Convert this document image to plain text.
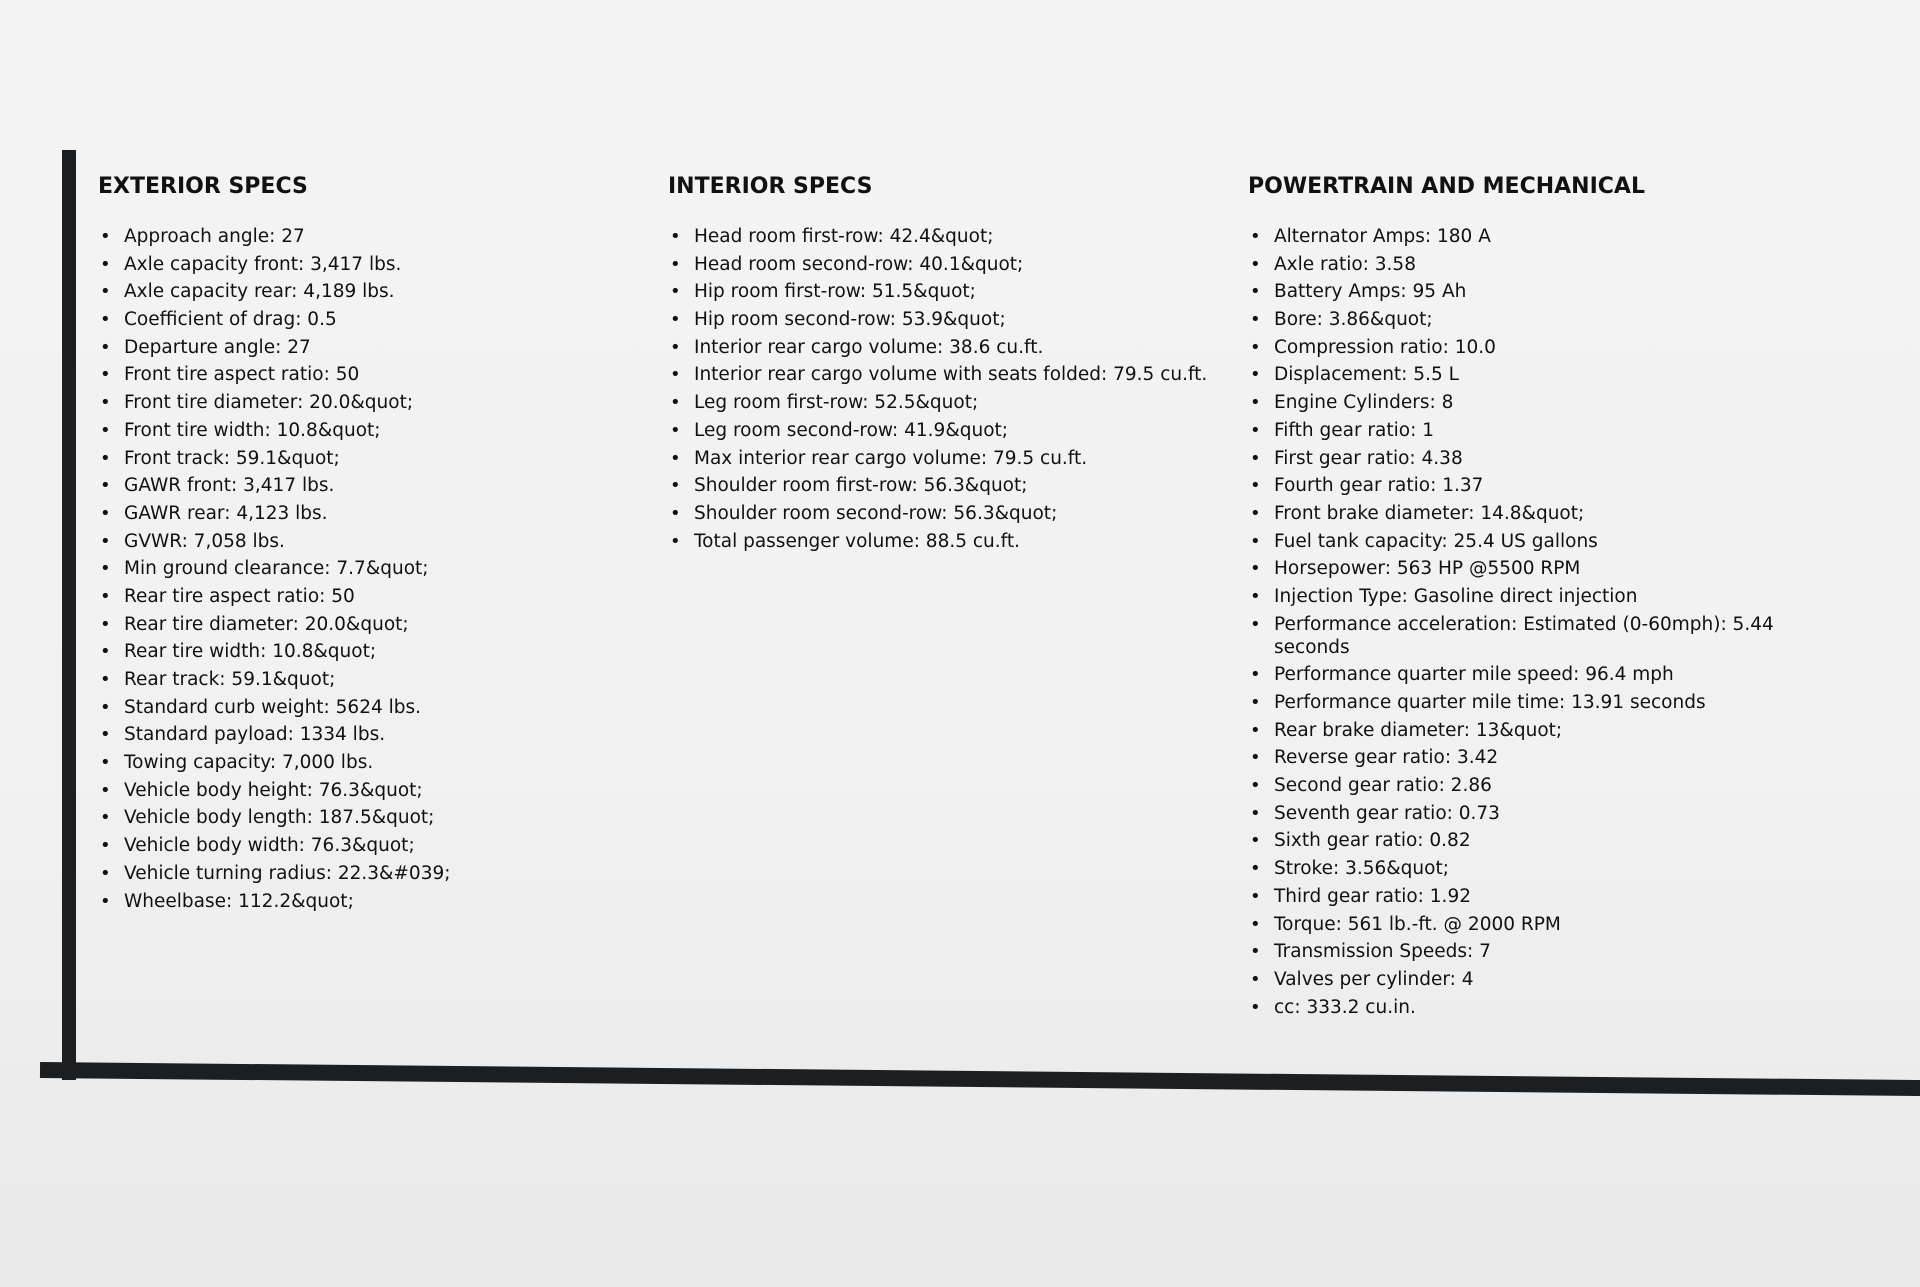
EXTERIOR SPECS
• Approach angle: 27
• Axle capacity front: 3,417 lbs.
• Axle capacity rear: 4,189 lbs.
• Coefficient of drag: 0.5
• Departure angle: 27
• Front tire aspect ratio: 50
• Front tire diameter: 20.0&quot;
• Front tire width: 10.8&quot;
• Front track: 59.1&quot;
• GAWR front: 3,417 lbs.
• GAWR rear: 4,123 lbs.
• GVWR: 7,058 lbs.
• Min ground clearance: 7.7&quot;
• Rear tire aspect ratio: 50
• Rear tire diameter: 20.0&quot;
• Rear tire width: 10.8&quot;
• Rear track: 59.1&quot;
• Standard curb weight: 5624 lbs.
• Standard payload: 1334 lbs.
• Towing capacity: 7,000 lbs.
• Vehicle body height: 76.3&quot;
• Vehicle body length: 187.5&quot;
• Vehicle body width: 76.3&quot;
• Vehicle turning radius: 22.3&#039;
• Wheelbase: 112.2&quot;
INTERIOR SPECS
• Head room first-row: 42.4&quot;
• Head room second-row: 40.1&quot;
• Hip room first-row: 51.5&quot;
• Hip room second-row: 53.9&quot;
• Interior rear cargo volume: 38.6 cu.ft.
• Interior rear cargo volume with seats folded: 79.5 cu.ft.
• Leg room first-row: 52.5&quot;
• Leg room second-row: 41.9&quot;
• Max interior rear cargo volume: 79.5 cu.ft.
• Shoulder room first-row: 56.3&quot;
• Shoulder room second-row: 56.3&quot;
• Total passenger volume: 88.5 cu.ft.
POWERTRAIN AND MECHANICAL
• Alternator Amps: 180 A
• Axle ratio: 3.58
• Battery Amps: 95 Ah
• Bore: 3.86&quot;
• Compression ratio: 10.0
• Displacement: 5.5 L
• Engine Cylinders: 8
• Fifth gear ratio: 1
• First gear ratio: 4.38
• Fourth gear ratio: 1.37
• Front brake diameter: 14.8&quot;
• Fuel tank capacity: 25.4 US gallons
• Horsepower: 563 HP @5500 RPM
• Injection Type: Gasoline direct injection
• Performance acceleration: Estimated (0-60mph): 5.44 seconds
• Performance quarter mile speed: 96.4 mph
• Performance quarter mile time: 13.91 seconds
• Rear brake diameter: 13&quot;
• Reverse gear ratio: 3.42
• Second gear ratio: 2.86
• Seventh gear ratio: 0.73
• Sixth gear ratio: 0.82
• Stroke: 3.56&quot;
• Third gear ratio: 1.92
• Torque: 561 lb.-ft. @ 2000 RPM
• Transmission Speeds: 7
• Valves per cylinder: 4
• cc: 333.2 cu.in.
